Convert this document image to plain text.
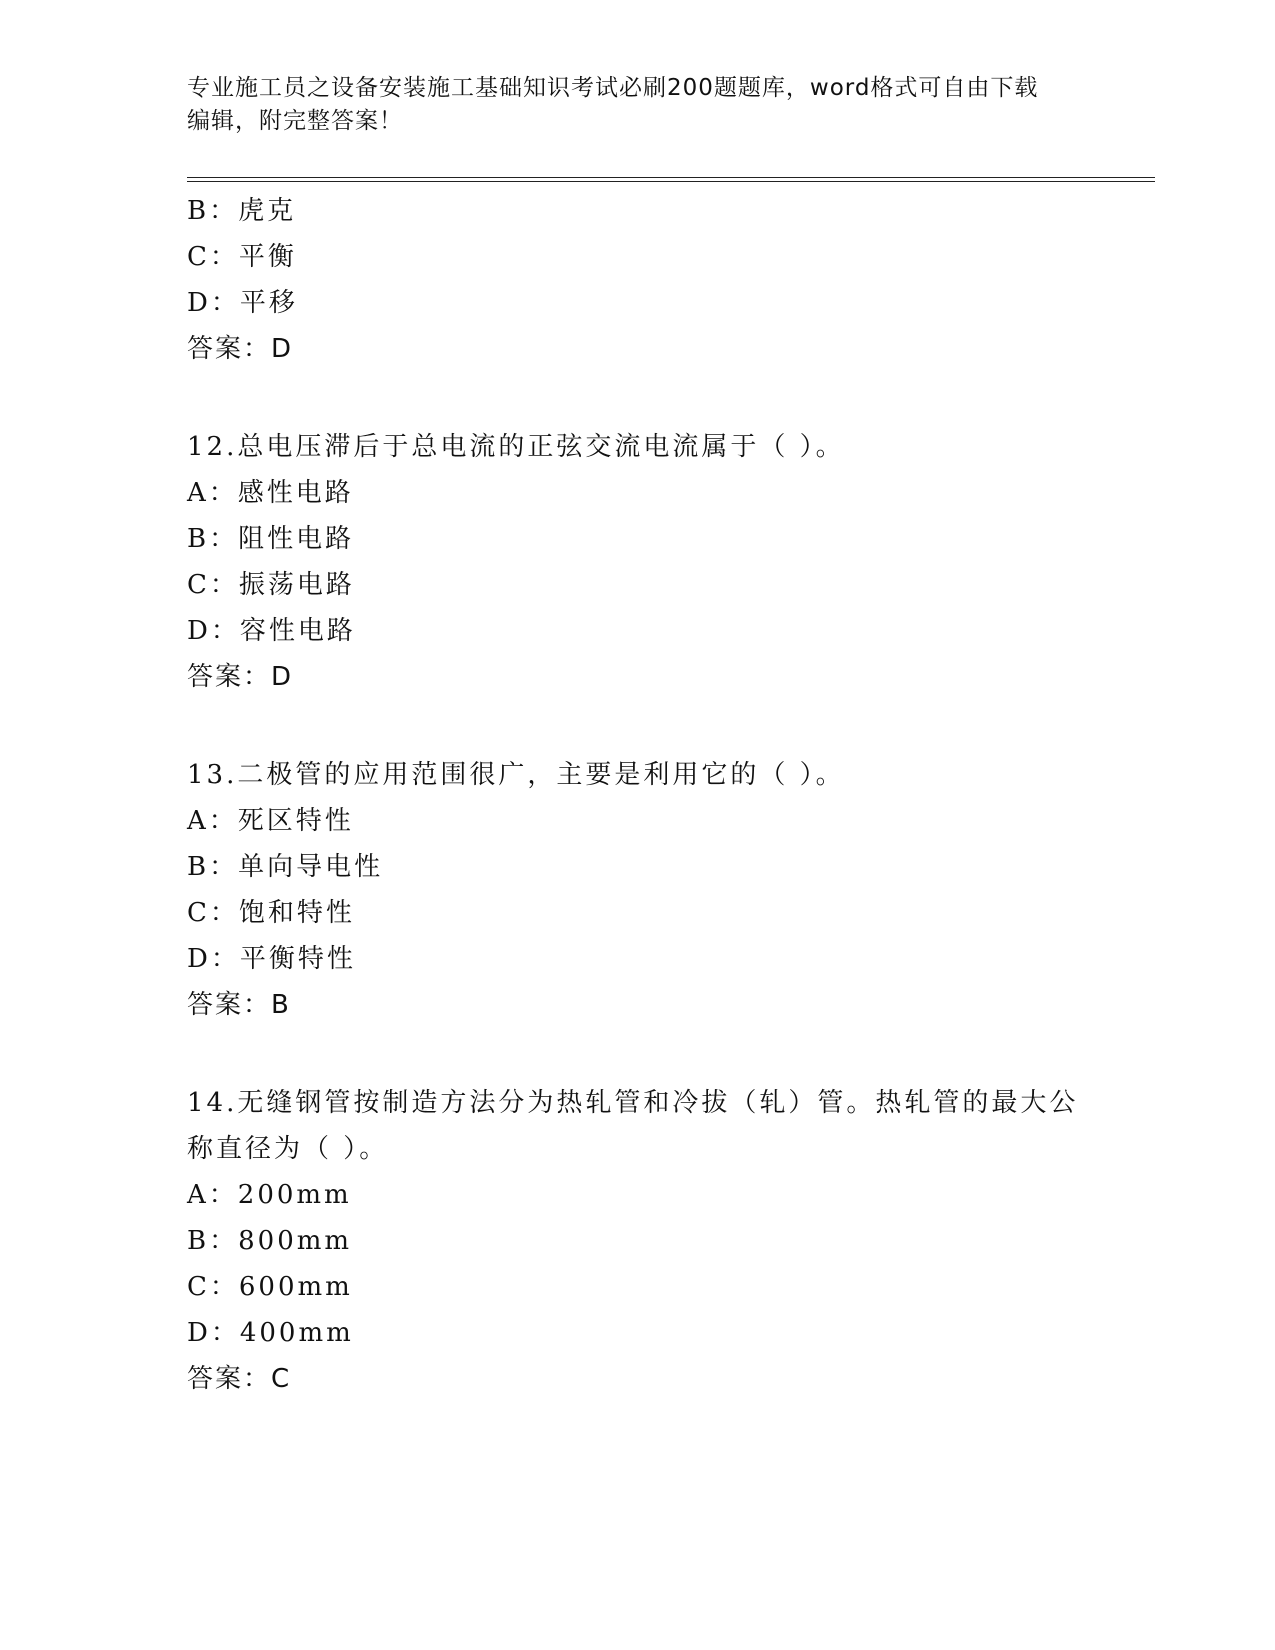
专业施工员之设备安装施工基础知识考试必刷200题题库，word格式可自由下载
编辑，附完整答案！
B：虎克
C：平衡
D：平移
答案：D
12.总电压滞后于总电流的正弦交流电流属于（ ）。
A：感性电路
B：阻性电路
C：振荡电路
D：容性电路
答案：D
13.二极管的应用范围很广，主要是利用它的（ ）。
A：死区特性
B：单向导电性
C：饱和特性
D：平衡特性
答案：B
14.无缝钢管按制造方法分为热轧管和冷拔（轧）管。热轧管的最大公
称直径为（ ）。
A：200mm
B：800mm
C：600mm
D：400mm
答案：C
